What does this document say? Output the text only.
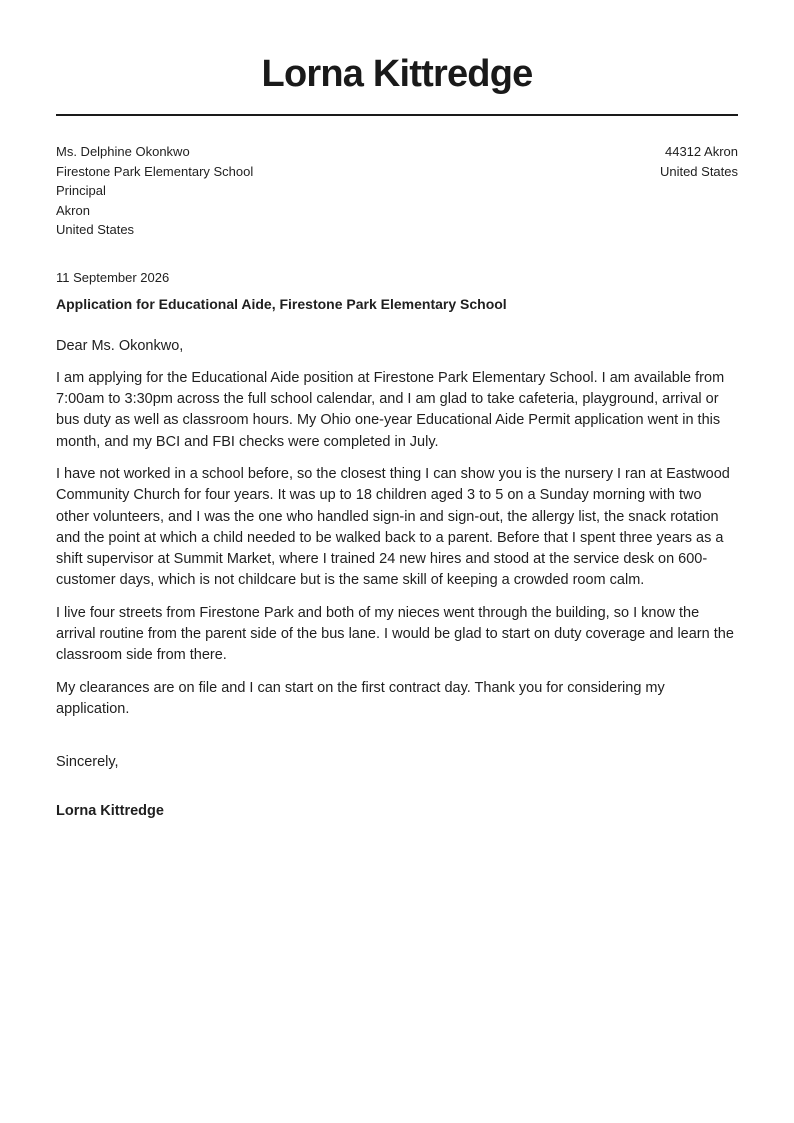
Lorna Kittredge
Ms. Delphine Okonkwo
Firestone Park Elementary School
Principal
Akron
United States
44312 Akron
United States
11 September 2026
Application for Educational Aide, Firestone Park Elementary School
Dear Ms. Okonkwo,
I am applying for the Educational Aide position at Firestone Park Elementary School. I am available from 7:00am to 3:30pm across the full school calendar, and I am glad to take cafeteria, playground, arrival or bus duty as well as classroom hours. My Ohio one-year Educational Aide Permit application went in this month, and my BCI and FBI checks were completed in July.
I have not worked in a school before, so the closest thing I can show you is the nursery I ran at Eastwood Community Church for four years. It was up to 18 children aged 3 to 5 on a Sunday morning with two other volunteers, and I was the one who handled sign-in and sign-out, the allergy list, the snack rotation and the point at which a child needed to be walked back to a parent. Before that I spent three years as a shift supervisor at Summit Market, where I trained 24 new hires and stood at the service desk on 600-customer days, which is not childcare but is the same skill of keeping a crowded room calm.
I live four streets from Firestone Park and both of my nieces went through the building, so I know the arrival routine from the parent side of the bus lane. I would be glad to start on duty coverage and learn the classroom side from there.
My clearances are on file and I can start on the first contract day. Thank you for considering my application.
Sincerely,
Lorna Kittredge
